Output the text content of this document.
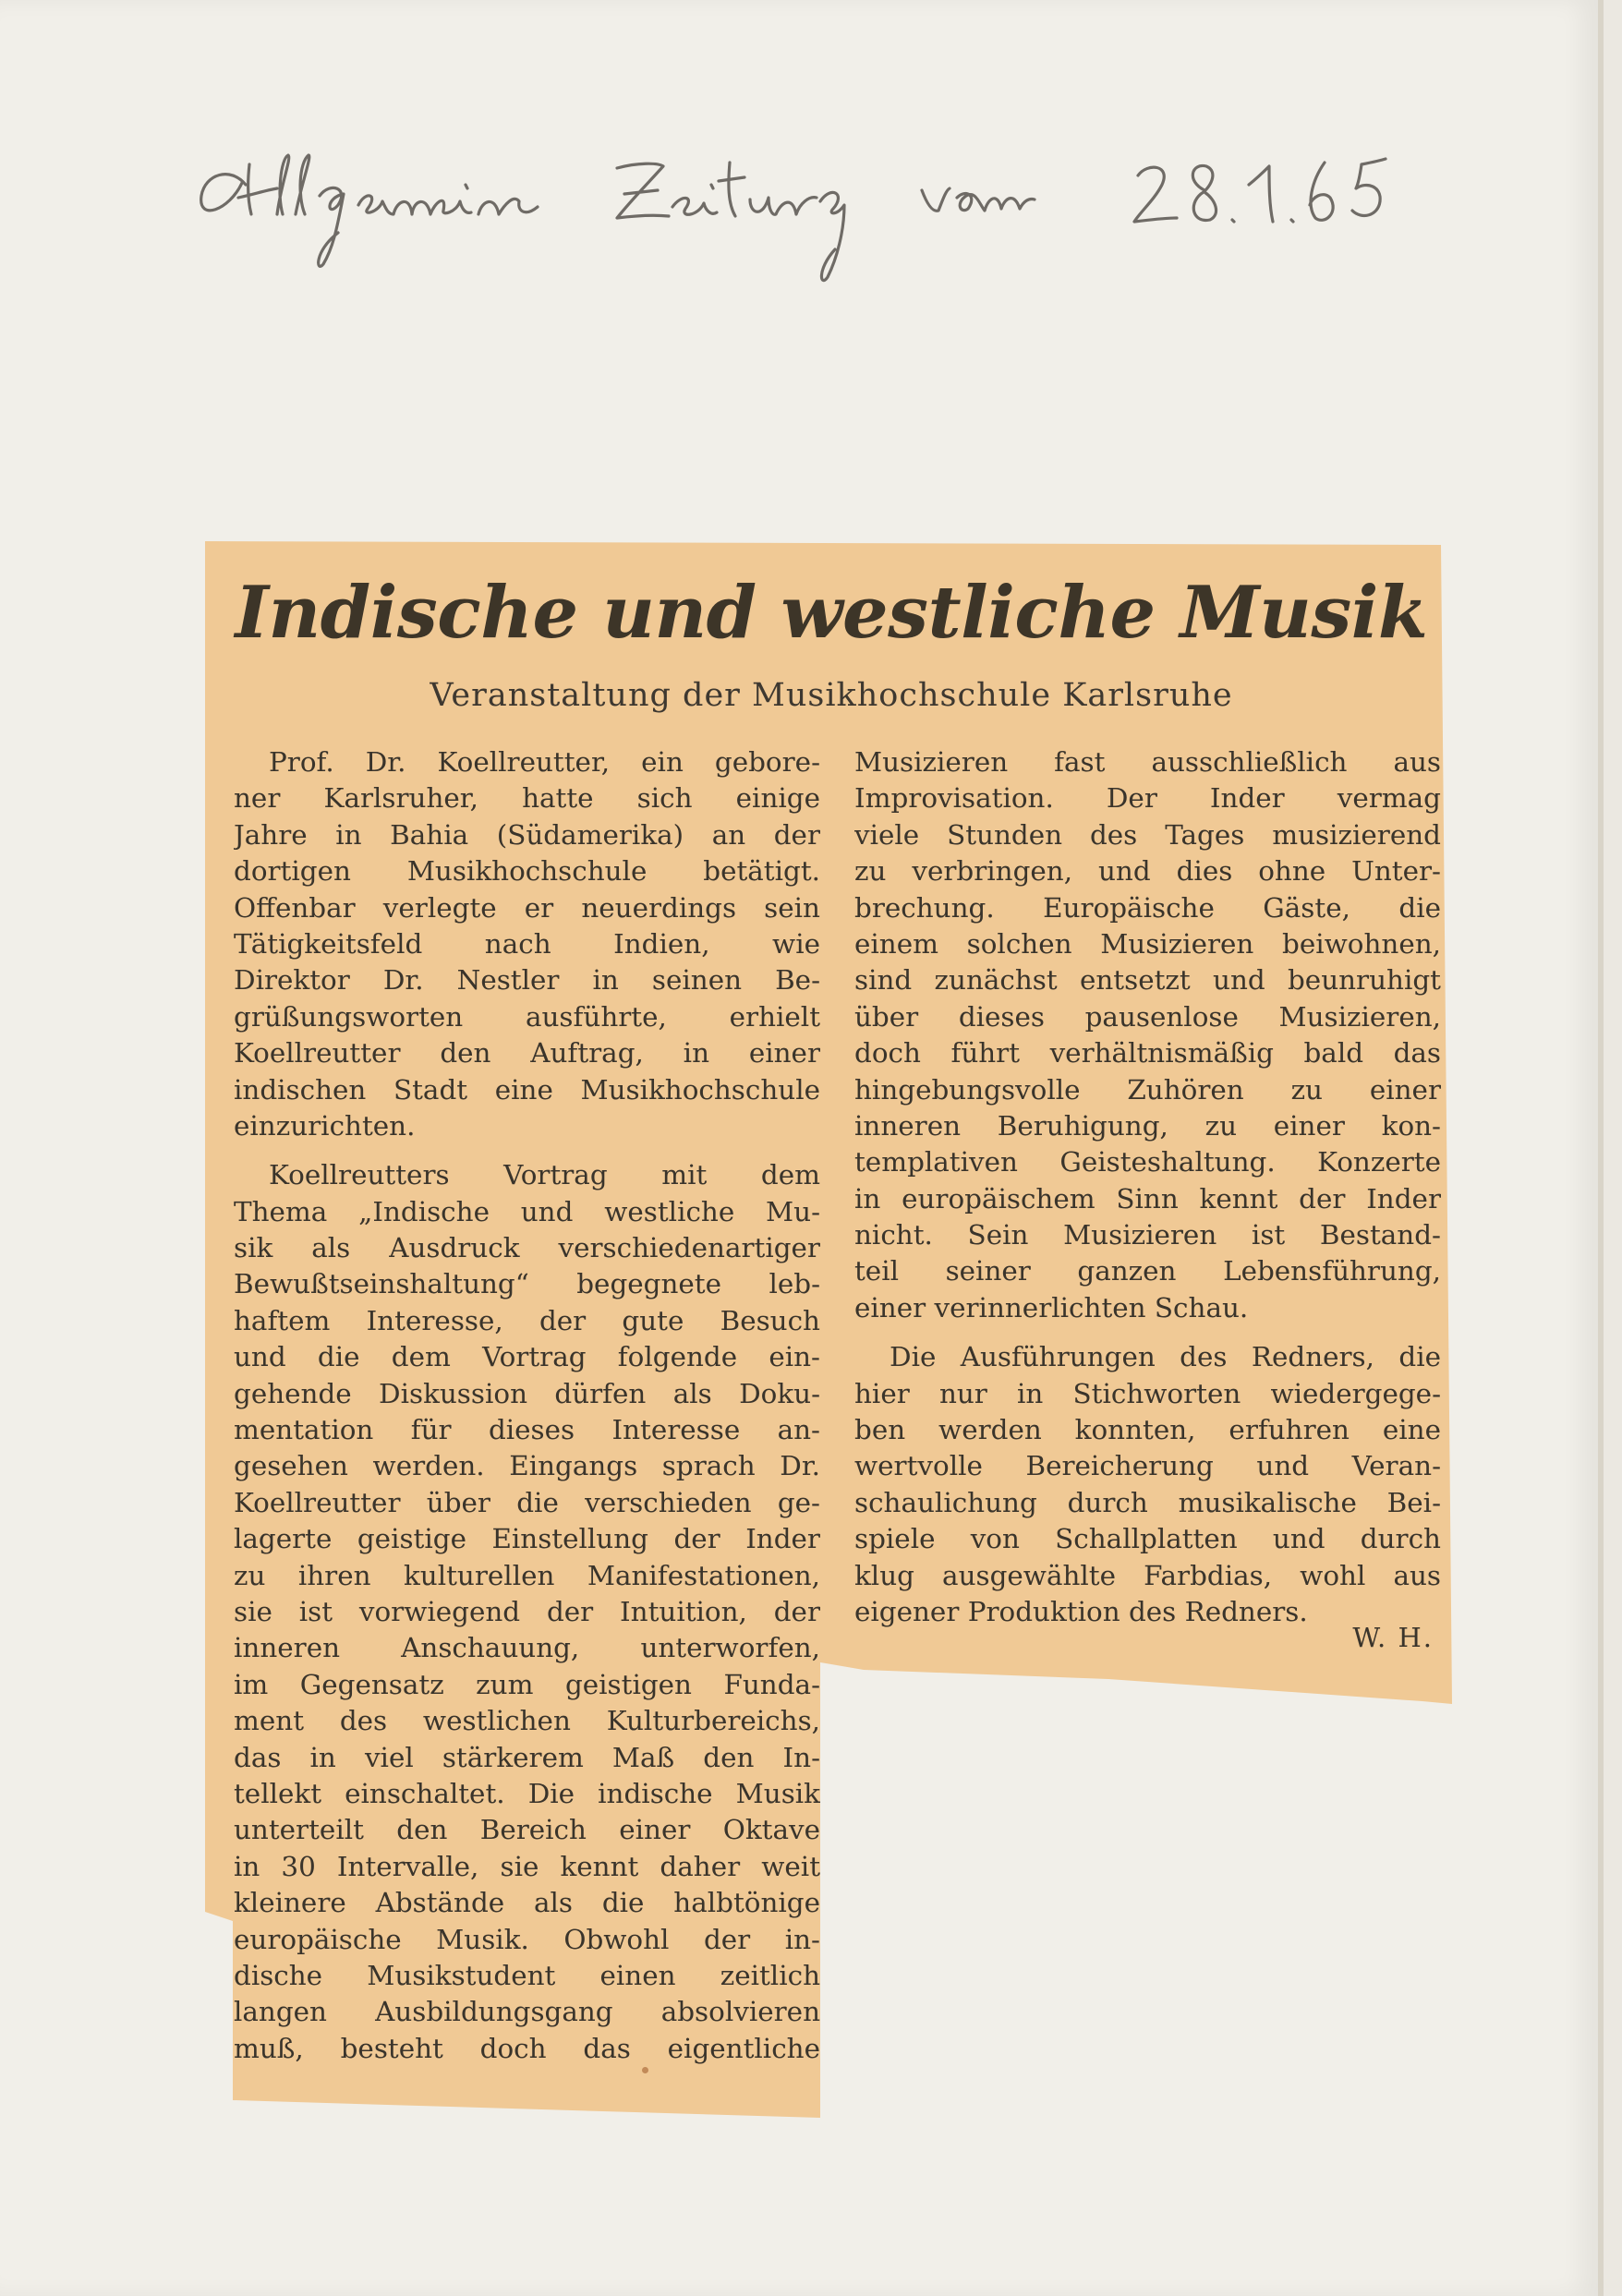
Indische und westliche Musik
Veranstaltung der Musikhochschule Karlsruhe
Prof. Dr. Koellreutter, ein gebore-
ner Karlsruher, hatte sich einige
Jahre in Bahia (Südamerika) an der
dortigen Musikhochschule betätigt.
Offenbar verlegte er neuerdings sein
Tätigkeitsfeld nach Indien, wie
Direktor Dr. Nestler in seinen Be-
grüßungsworten ausführte, erhielt
Koellreutter den Auftrag, in einer
indischen Stadt eine Musikhochschule
einzurichten.
Koellreutters Vortrag mit dem
Thema „Indische und westliche Mu-
sik als Ausdruck verschiedenartiger
Bewußtseinshaltung“ begegnete leb-
haftem Interesse, der gute Besuch
und die dem Vortrag folgende ein-
gehende Diskussion dürfen als Doku-
mentation für dieses Interesse an-
gesehen werden. Eingangs sprach Dr.
Koellreutter über die verschieden ge-
lagerte geistige Einstellung der Inder
zu ihren kulturellen Manifestationen,
sie ist vorwiegend der Intuition, der
inneren Anschauung, unterworfen,
im Gegensatz zum geistigen Funda-
ment des westlichen Kulturbereichs,
das in viel stärkerem Maß den In-
tellekt einschaltet. Die indische Musik
unterteilt den Bereich einer Oktave
in 30 Intervalle, sie kennt daher weit
kleinere Abstände als die halbtönige
europäische Musik. Obwohl der in-
dische Musikstudent einen zeitlich
langen Ausbildungsgang absolvieren
muß, besteht doch das eigentliche
Musizieren fast ausschließlich aus
Improvisation. Der Inder vermag
viele Stunden des Tages musizierend
zu verbringen, und dies ohne Unter-
brechung. Europäische Gäste, die
einem solchen Musizieren beiwohnen,
sind zunächst entsetzt und beunruhigt
über dieses pausenlose Musizieren,
doch führt verhältnismäßig bald das
hingebungsvolle Zuhören zu einer
inneren Beruhigung, zu einer kon-
templativen Geisteshaltung. Konzerte
in europäischem Sinn kennt der Inder
nicht. Sein Musizieren ist Bestand-
teil seiner ganzen Lebensführung,
einer verinnerlichten Schau.
Die Ausführungen des Redners, die
hier nur in Stichworten wiedergege-
ben werden konnten, erfuhren eine
wertvolle Bereicherung und Veran-
schaulichung durch musikalische Bei-
spiele von Schallplatten und durch
klug ausgewählte Farbdias, wohl aus
eigener Produktion des Redners.
W. H.
